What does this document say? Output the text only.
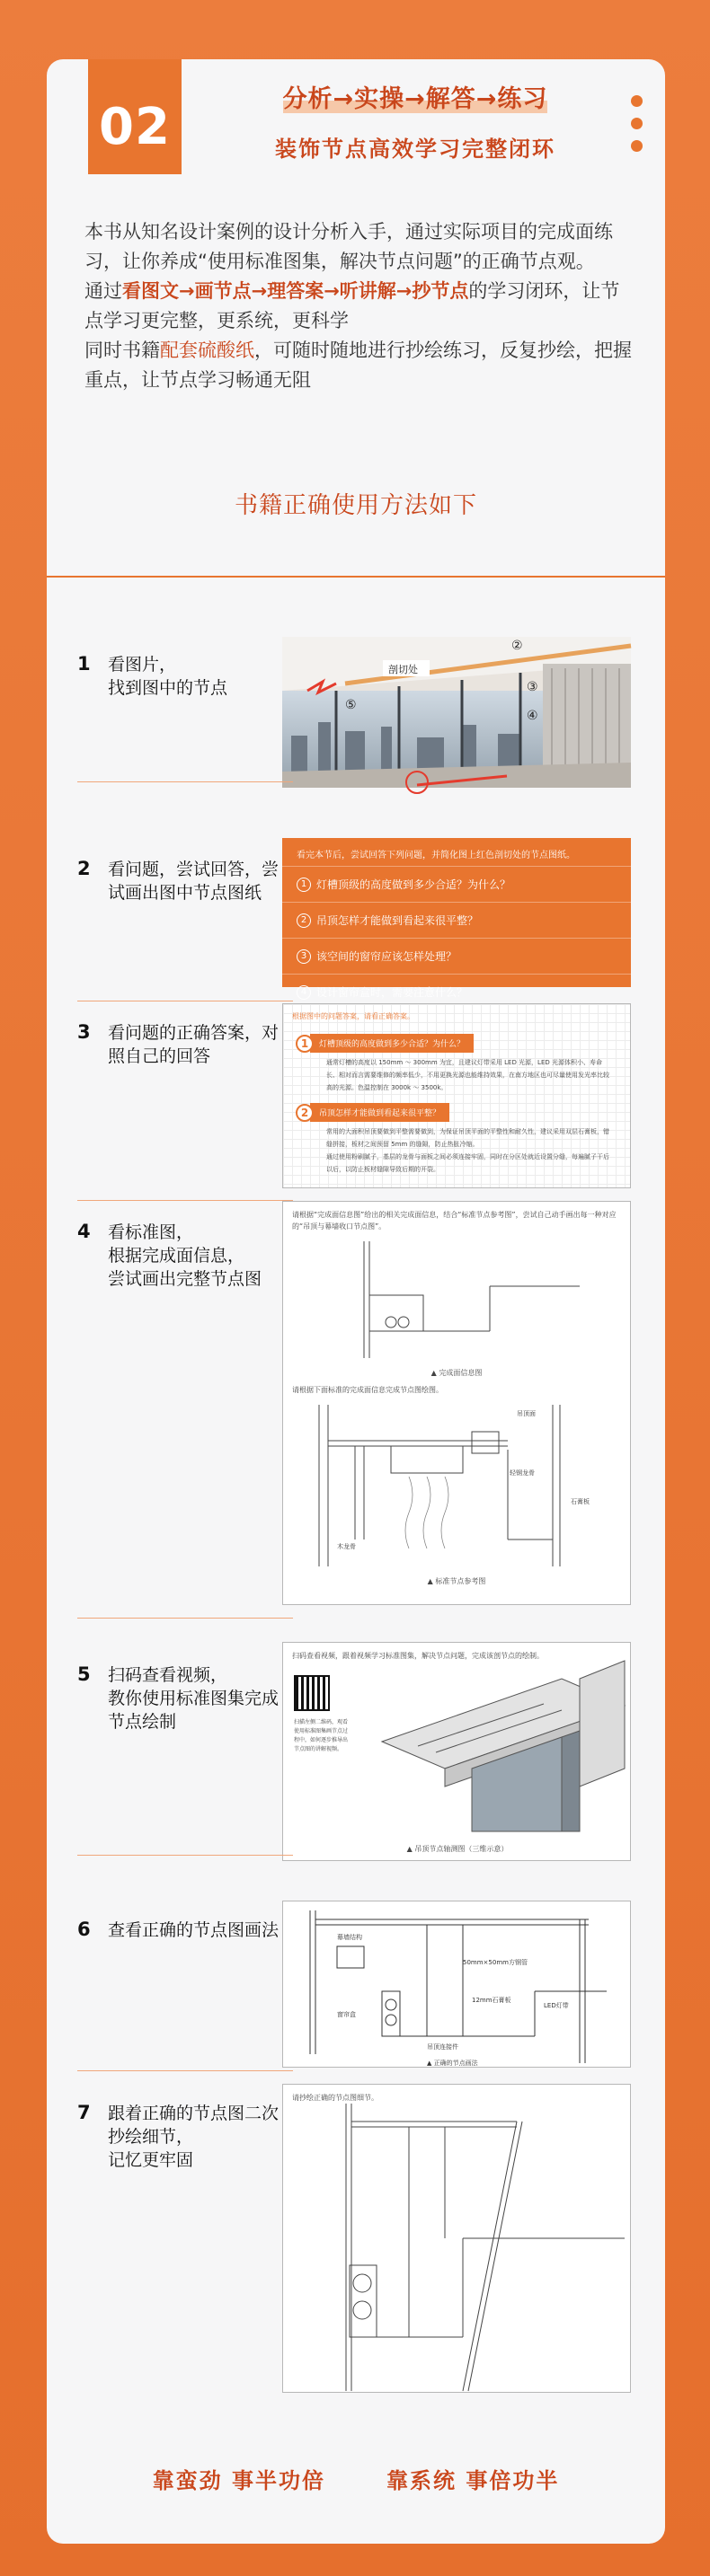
02	分析→实操→解答→练习
装饰节点高效学习完整闭环

本书从知名设计案例的设计分析入手，通过实际项目的完成面练习，让你养成“使用标准图集，解决节点问题”的正确节点观。

通过看图文→画节点→理答案→听讲解→抄节点的学习闭环，让节点学习更完整，更系统，更科学

同时书籍配套硫酸纸，可随时随地进行抄绘练习，反复抄绘，把握重点，让节点学习畅通无阻

书籍正确使用方法如下
1 看图片，
找到图中的节点
剖切处
②
③
④
⑤
2 看问题，尝试回答，尝试画出图中节点图纸
看完本节后，尝试回答下列问题，并简化图上红色剖切处的节点图纸。
1 灯槽顶级的高度做到多少合适？为什么？
2 吊顶怎样才能做到看起来很平整？
3 该空间的窗帘应该怎样处理？
4 设计窗帘盒时，需要注意什么？
3 看问题的正确答案，对照自己的回答
根据图中的问题答案，请看正确答案。
1	灯槽顶级的高度做到多少合适？为什么？
通常灯槽的高度以 150mm ～ 300mm 为宜，且建议灯带采用 LED 光源，LED 光源体积小、寿命长、相对而言需要维修的频率低少，不用更换光源也能维持效果，在南方地区也可尽量使用发光率比较高的光源。色温控制在 3000k ～ 3500k。
2	吊顶怎样才能做到看起来很平整？
常用的大面积吊顶要做到平整需要做到，为保证吊顶平面的平整性和耐久性，建议采用双层石膏板，错缝拼接，板材之间预留 5mm 的缝隙，防止热胀冷缩。
通过使用粉刷腻子，基层的龙骨与面板之间必须连接牢固，同时在分区处就近设置分缝，每遍腻子干后以后，以防止板材缝隙导致后期的开裂。
4 看标准图，
根据完成面信息，
尝试画出完整节点图
请根据“完成面信息图”给出的相关完成面信息，结合“标准节点参考图”，尝试自己动手画出每一种对应的“吊顶与幕墙收口节点图”。
▲ 完成面信息图
请根据下面标准的完成面信息完成节点图绘图。
吊顶面
轻钢龙骨
石膏板
木龙骨
▲ 标准节点参考图
5 扫码查看视频，
教你使用标准图集完成节点绘制
扫码查看视频，跟着视频学习标准图集，解决节点问题，完成该剖节点的绘制。
扫描左侧二维码，观看使用标准图集画节点过程中，如何逐步推导出节点图的讲解视频。
▲ 吊顶节点轴测图（三维示意）
6 查看正确的节点图画法
50mm×50mm方钢管
幕墙结构
窗帘盒
LED灯带
12mm石膏板
吊顶连接件
▲ 正确的节点画法
7 跟着正确的节点图二次抄绘细节，
记忆更牢固
请抄绘正确的节点图细节。
靠蛮劲 事半功倍	靠系统 事倍功半
